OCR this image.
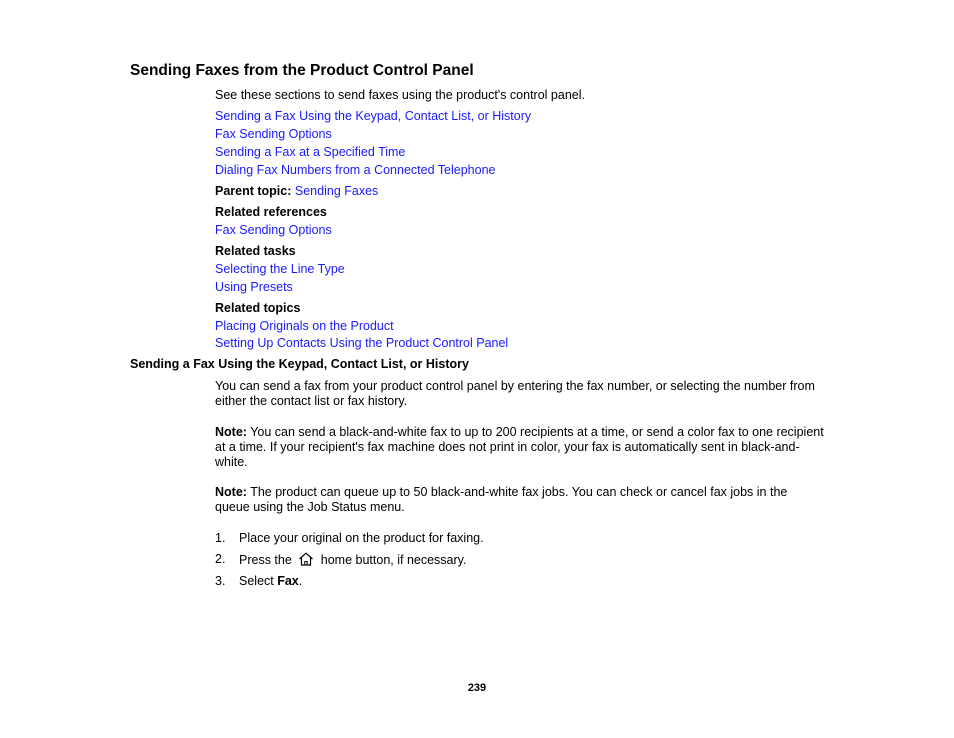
Sending Faxes from the Product Control Panel
See these sections to send faxes using the product's control panel.
Sending a Fax Using the Keypad, Contact List, or History
Fax Sending Options
Sending a Fax at a Specified Time
Dialing Fax Numbers from a Connected Telephone
Parent topic: Sending Faxes
Related references
Fax Sending Options
Related tasks
Selecting the Line Type
Using Presets
Related topics
Placing Originals on the Product
Setting Up Contacts Using the Product Control Panel
Sending a Fax Using the Keypad, Contact List, or History
You can send a fax from your product control panel by entering the fax number, or selecting the number from either the contact list or fax history.
Note: You can send a black-and-white fax to up to 200 recipients at a time, or send a color fax to one recipient at a time. If your recipient's fax machine does not print in color, your fax is automatically sent in black-and-white.
Note: The product can queue up to 50 black-and-white fax jobs. You can check or cancel fax jobs in the queue using the Job Status menu.
1. Place your original on the product for faxing.
2. Press the home button, if necessary.
3. Select Fax.
239
